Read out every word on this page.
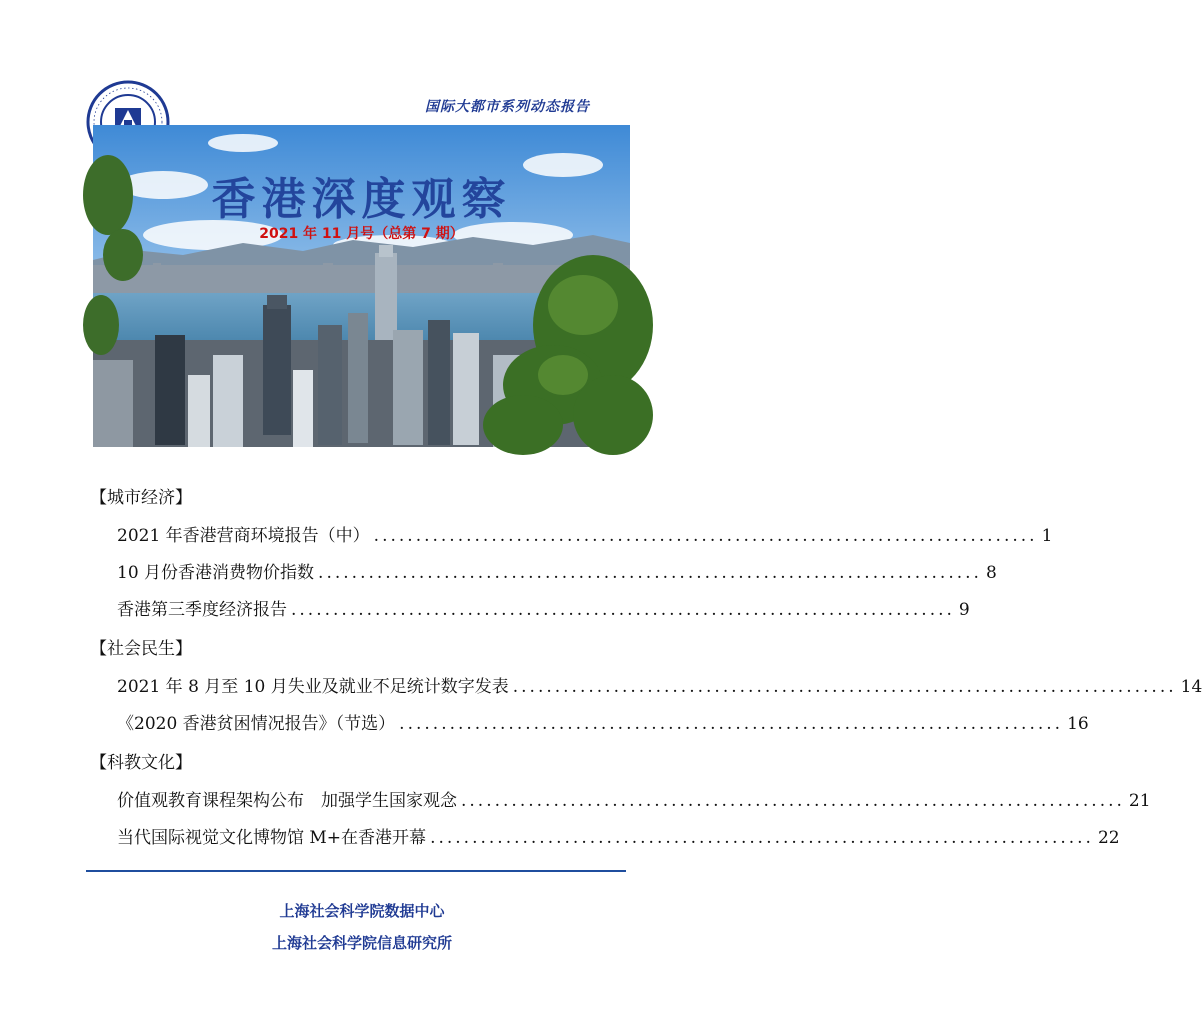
国际大都市系列动态报告
香港深度观察
2021 年 11 月号（总第 7 期）
【城市经济】
2021 年香港营商环境报告（中） ............................................................................... 1
10 月份香港消费物价指数 ............................................................................... 8
香港第三季度经济报告 ............................................................................... 9
【社会民生】
2021 年 8 月至 10 月失业及就业不足统计数字发表 ............................................................................... 14
《2020 香港贫困情况报告》（节选） ............................................................................... 16
【科教文化】
价值观教育课程架构公布　加强学生国家观念 ............................................................................... 21
当代国际视觉文化博物馆 M+在香港开幕 ............................................................................... 22
上海社会科学院数据中心
上海社会科学院信息研究所
